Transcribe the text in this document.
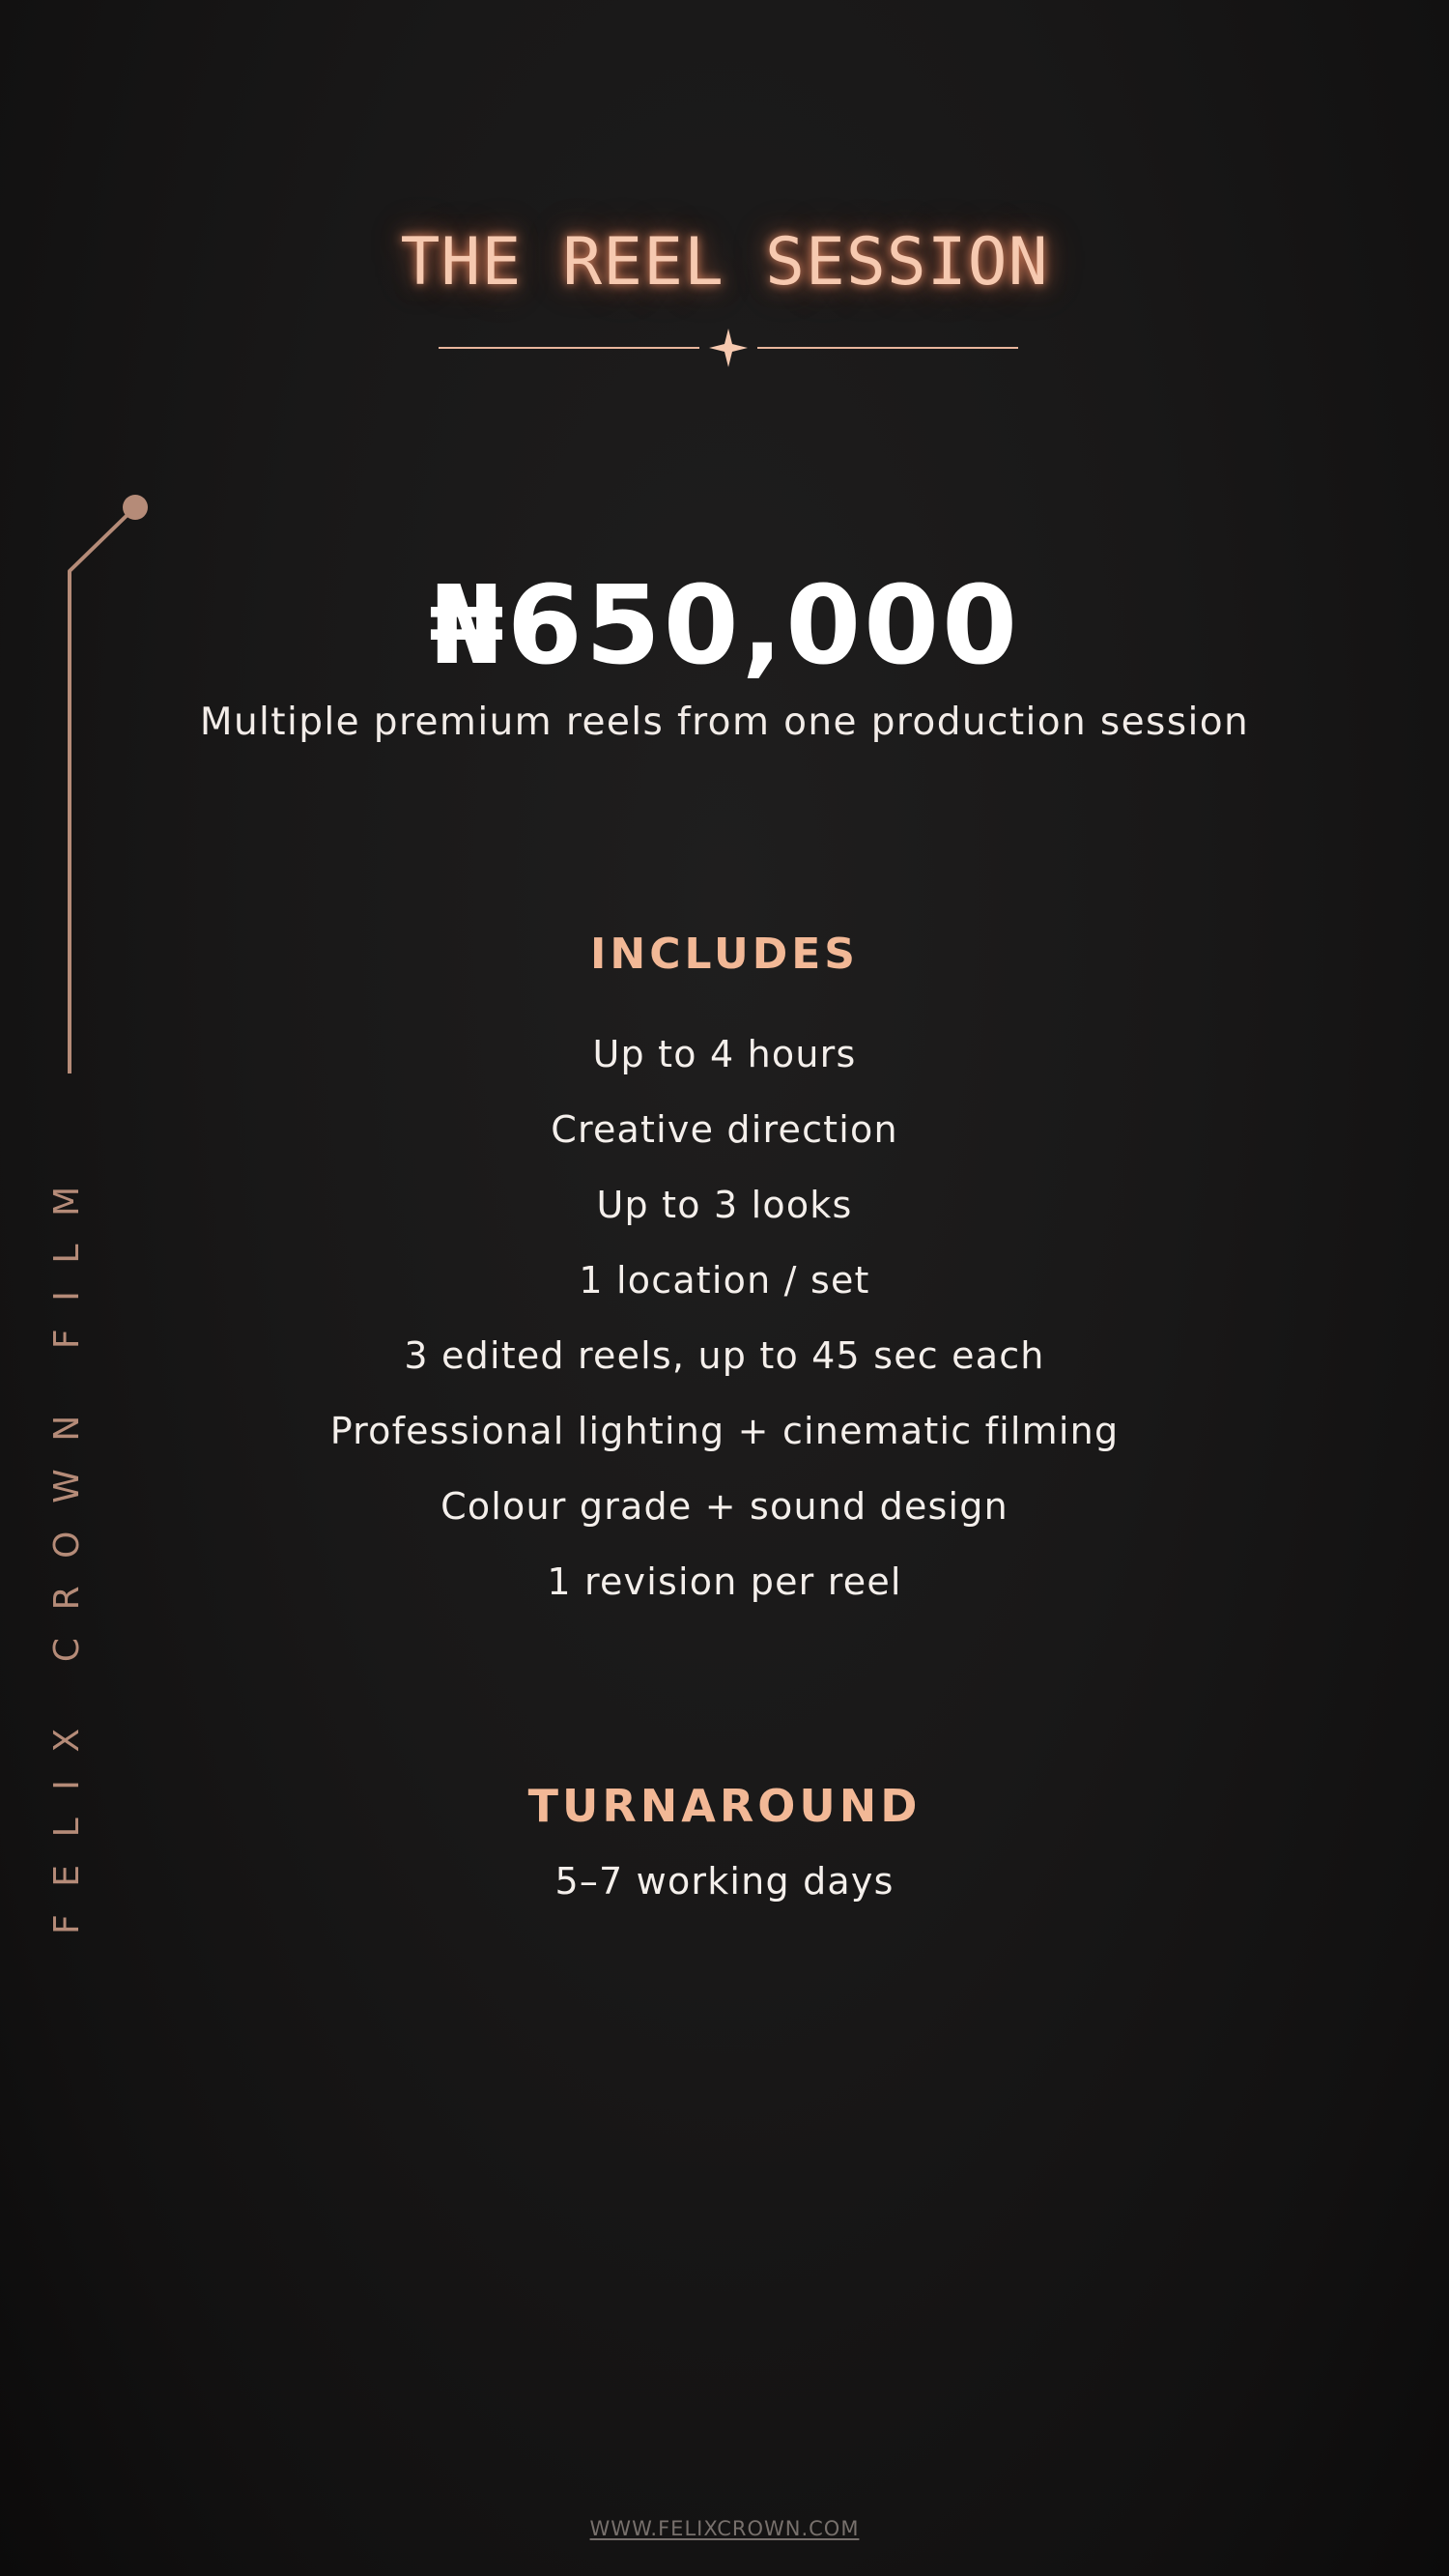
THE REEL SESSION
FELIX CROWN FILM
₦650,000
Multiple premium reels from one production session
INCLUDES
Up to 4 hours
Creative direction
Up to 3 looks
1 location / set
3 edited reels, up to 45 sec each
Professional lighting + cinematic filming
Colour grade + sound design
1 revision per reel
TURNAROUND
5–7 working days
WWW.FELIXCROWN.COM
